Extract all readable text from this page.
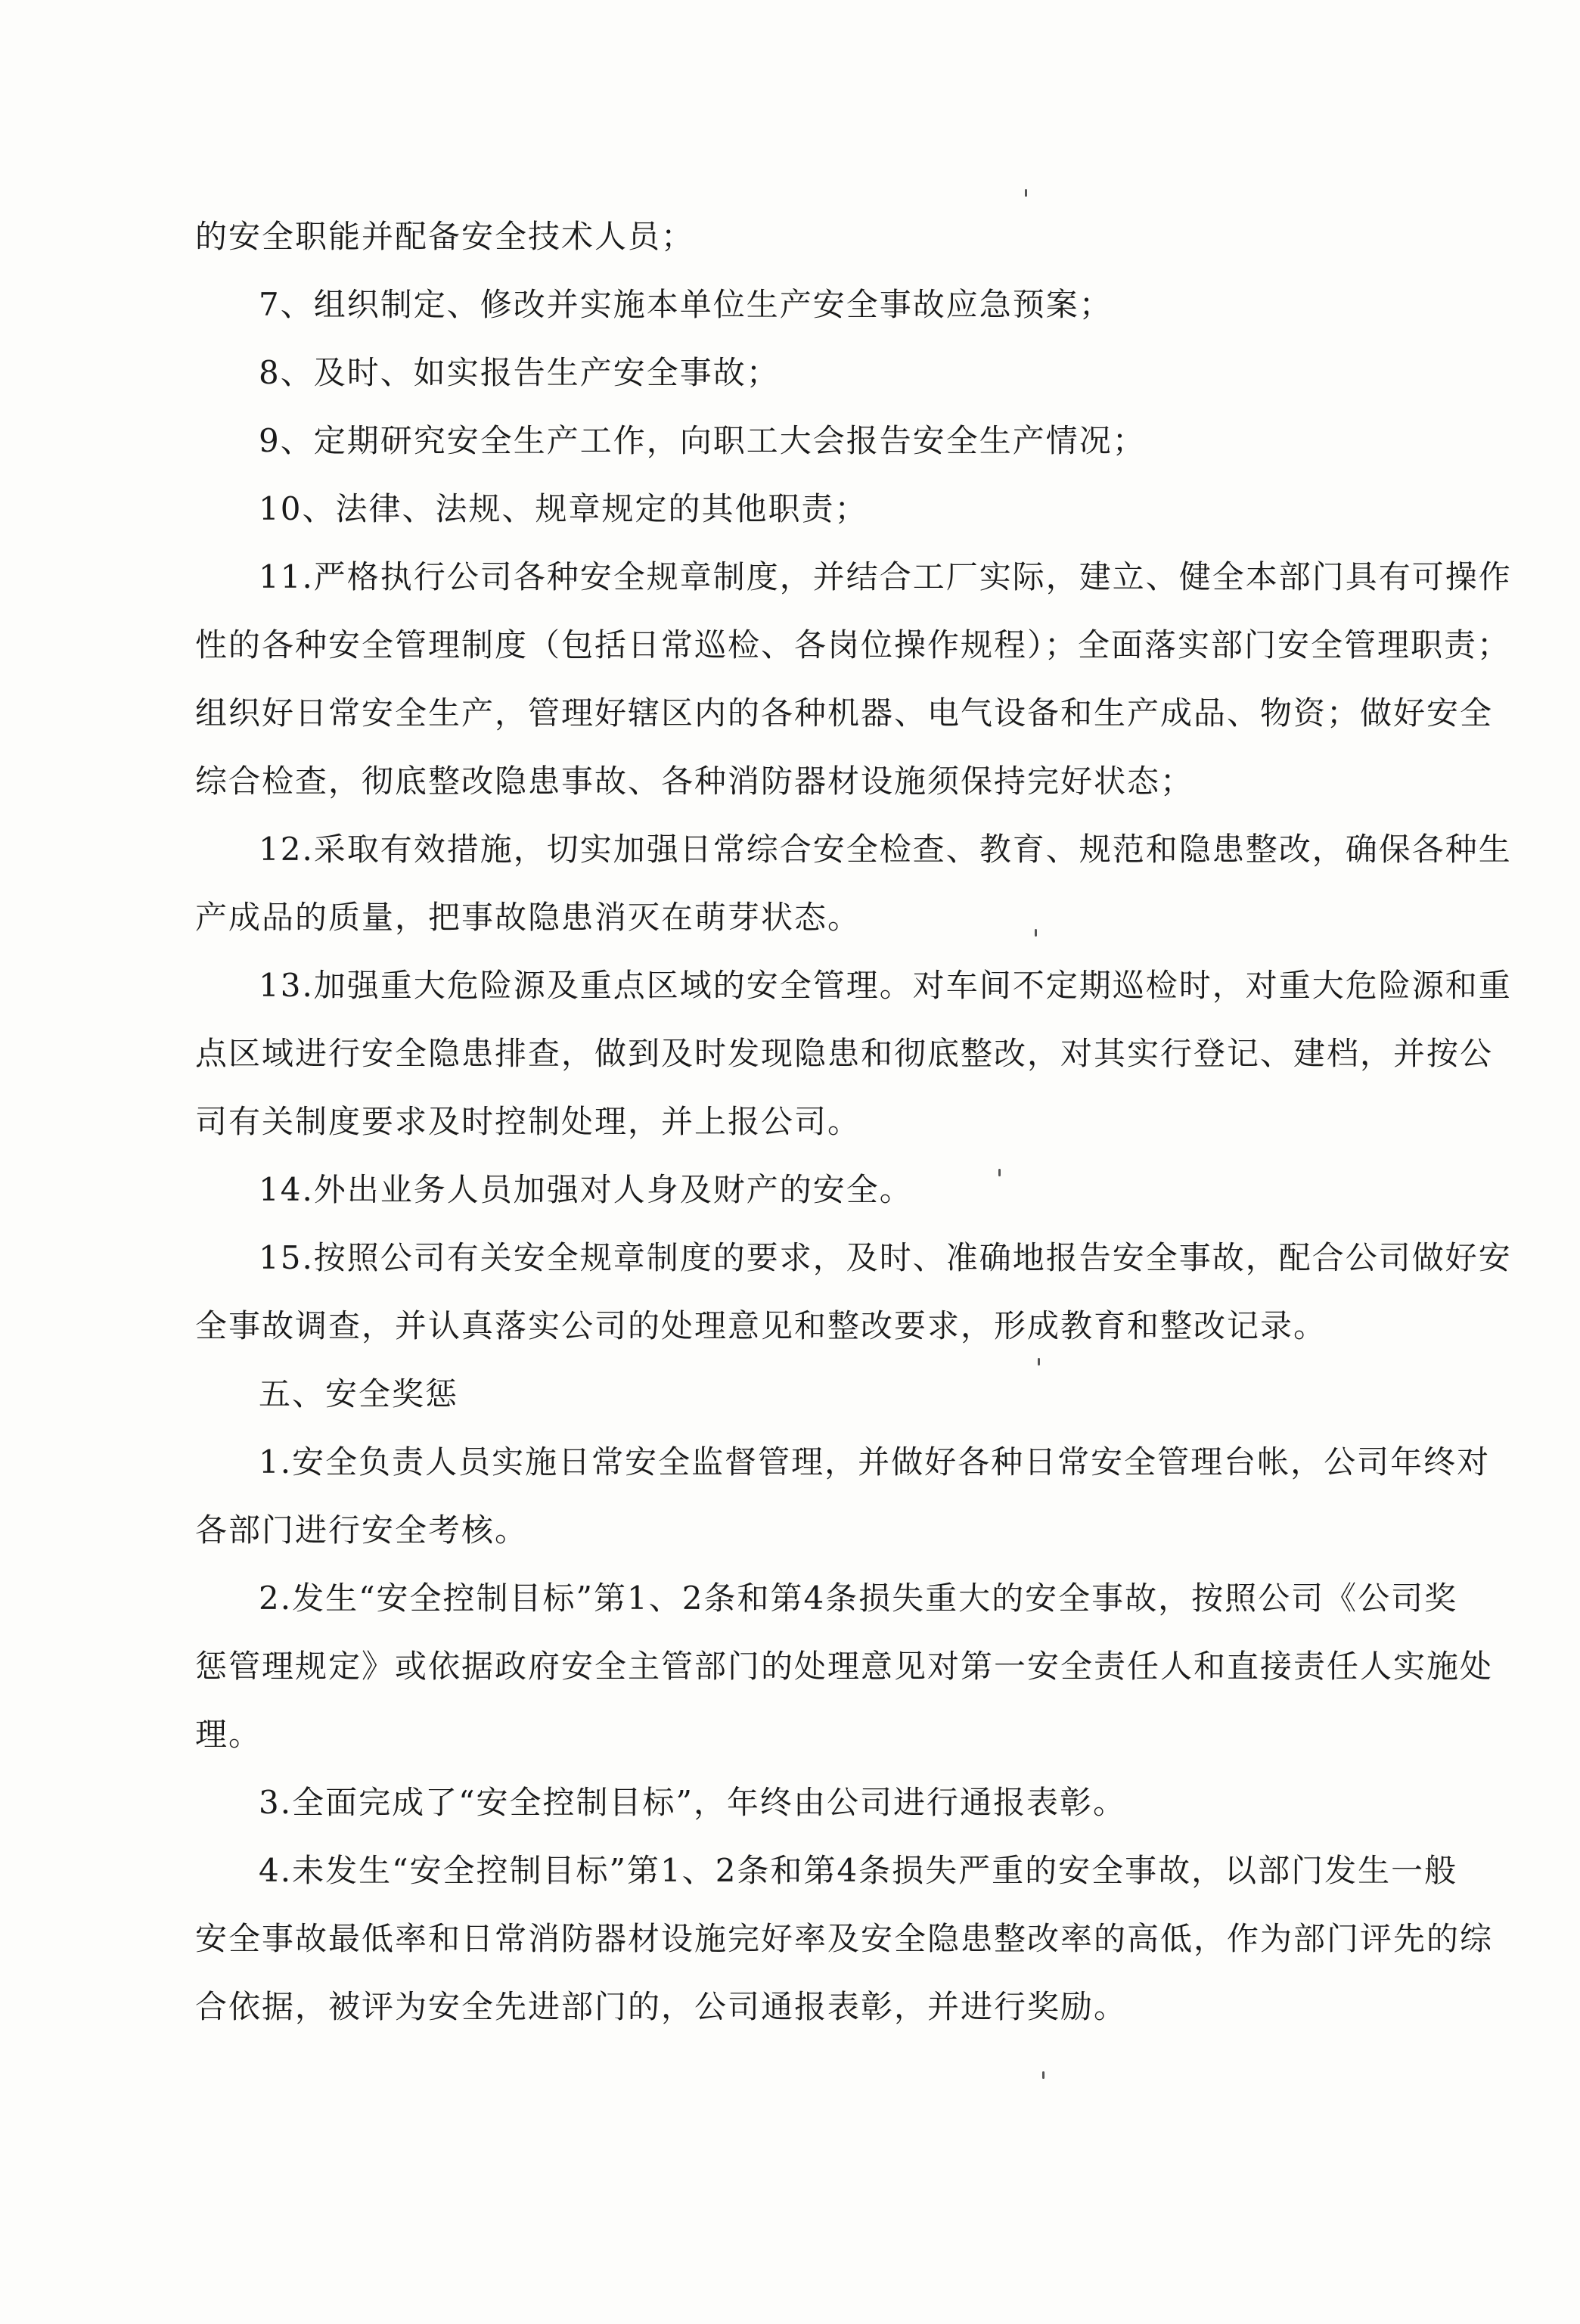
的安全职能并配备安全技术人员；
7、组织制定、修改并实施本单位生产安全事故应急预案；
8、及时、如实报告生产安全事故；
9、定期研究安全生产工作，向职工大会报告安全生产情况；
10、法律、法规、规章规定的其他职责；
11.严格执行公司各种安全规章制度，并结合工厂实际，建立、健全本部门具有可操作
性的各种安全管理制度（包括日常巡检、各岗位操作规程）；全面落实部门安全管理职责；
组织好日常安全生产，管理好辖区内的各种机器、电气设备和生产成品、物资；做好安全
综合检查，彻底整改隐患事故、各种消防器材设施须保持完好状态；
12.采取有效措施，切实加强日常综合安全检查、教育、规范和隐患整改，确保各种生
产成品的质量，把事故隐患消灭在萌芽状态。
13.加强重大危险源及重点区域的安全管理。对车间不定期巡检时，对重大危险源和重
点区域进行安全隐患排查，做到及时发现隐患和彻底整改，对其实行登记、建档，并按公
司有关制度要求及时控制处理，并上报公司。
14.外出业务人员加强对人身及财产的安全。
15.按照公司有关安全规章制度的要求，及时、准确地报告安全事故，配合公司做好安
全事故调查，并认真落实公司的处理意见和整改要求，形成教育和整改记录。
五、安全奖惩
1.安全负责人员实施日常安全监督管理，并做好各种日常安全管理台帐，公司年终对
各部门进行安全考核。
2.发生“安全控制目标”第1、2条和第4条损失重大的安全事故，按照公司《公司奖
惩管理规定》或依据政府安全主管部门的处理意见对第一安全责任人和直接责任人实施处
理。
3.全面完成了“安全控制目标”，年终由公司进行通报表彰。
4.未发生“安全控制目标”第1、2条和第4条损失严重的安全事故，以部门发生一般
安全事故最低率和日常消防器材设施完好率及安全隐患整改率的高低，作为部门评先的综
合依据，被评为安全先进部门的，公司通报表彰，并进行奖励。
